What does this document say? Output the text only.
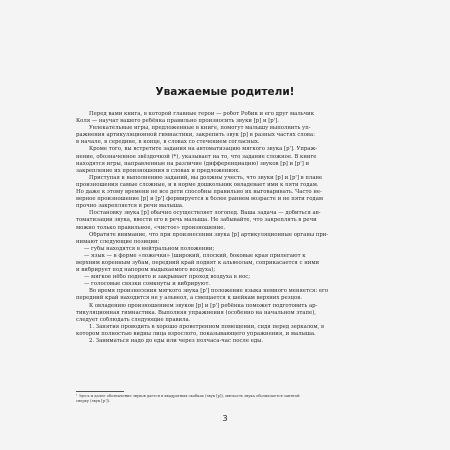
Уважаемые родители!
Перед вами книга, в которой главные герои — робот Робик и его друг мальчик
Коля — научат вашего ребёнка правильно произносить звуки [р] и [р'].
Увлекательные игры, предложенные в книге, помогут малышу выполнить уп-
ражнения артикуляционной гимнастики, закрепить звук [р] в разных частях слова:
в начале, в середине, в конце, в словах со стечением согласных.
Кроме того, вы встретите задания на автоматизацию мягкого звука [р']. Упраж-
нение, обозначенное звёздочкой (*), указывает на то, что задание сложное. В книге
находятся игры, направленные на различие (дифференциацию) звуков [р] и [р'] и
закрепление их произношения в словах и предложениях.
Приступая к выполнению заданий, вы должны учесть, что звуки [р] и [р'] в плане
произношения самые сложные, и в норме дошкольник овладевает ими к пяти годам.
Но даже к этому времени не все дети способны правильно их выговаривать. Часто не-
верное произношение [р] и [р'] формируется к более раннем возрасте и не пяти годам
прочно закрепляется в речи малыша.
Постановку звука [р] обычно осуществляет логопед. Ваша задача — добиться ав-
томатизации звука, ввести его в речь малыша. Не забывайте, что закреплять в речи
можно только правильное, «чистое» произношение.
Обратите внимание, что при произнесении звука [р] артикуляционные органы при-
нимают следующие позиции:
— губы находятся в нейтральном положении;
— язык — в форме «ложечки» (широкий, плоский, боковые края прилегают к
верхним коренным зубам, передний край поднят к альвеолам, соприкасается с ними
и вибрирует под напором выдыхаемого воздуха);
— мягкое нёбо поднято и закрывает проход воздуха в нос;
— голосовые связки сомкнуты и вибрируют.
Во время произнесения мягкого звука [р'] положение языка немного меняется: его
передний край находится не у альвеол, а смещается к шейкам верхних резцов.
К овладению произношением звуков [р] и [р'] ребёнка поможет подготовить ар-
тикуляционная гимнастика. Выполняя упражнения (особенно на начальном этапе),
следует соблюдать следующие правила.
1. Занятия проводить в хорошо проветренном помещении, сидя перед зеркалом, в
котором полностью видны лица взрослого, показывающего упражнения, и малыша.
2. Заниматься надо до еды или через полчаса-час после еды.
¹ Здесь и далее обозначение звуков дается в квадратных скобках (звук [р]), мягкость звука обозначается запятой
сверху (звук [р']).
3
